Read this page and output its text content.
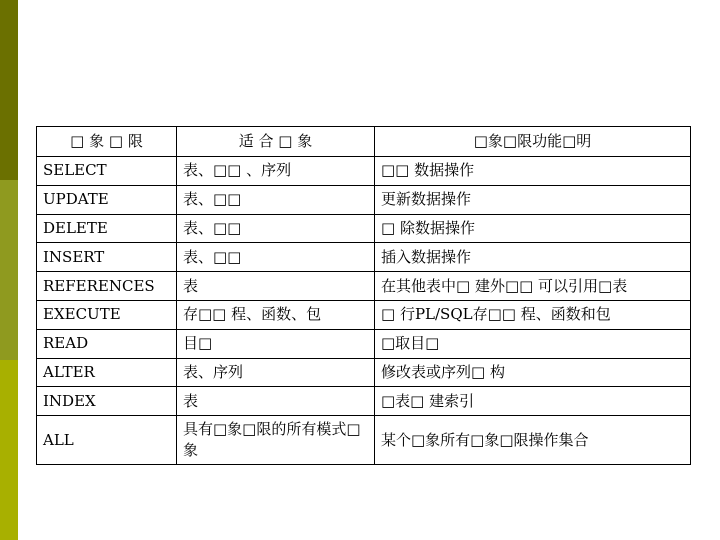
□ 象 □ 限	适 合 □ 象	□象□限功能□明
SELECT	表、□□ 、序列	□□ 数据操作
UPDATE	表、□□	更新数据操作
DELETE	表、□□	□ 除数据操作
INSERT	表、□□	插入数据操作
REFERENCES	表	在其他表中□ 建外□□ 可以引用□表
EXECUTE	存□□ 程、函数、包	□ 行PL/SQL存□□ 程、函数和包
READ	目□	□取目□
ALTER	表、序列	修改表或序列□ 构
INDEX	表	□表□ 建索引
ALL	具有□象□限的所有模式□象	某个□象所有□象□限操作集合
